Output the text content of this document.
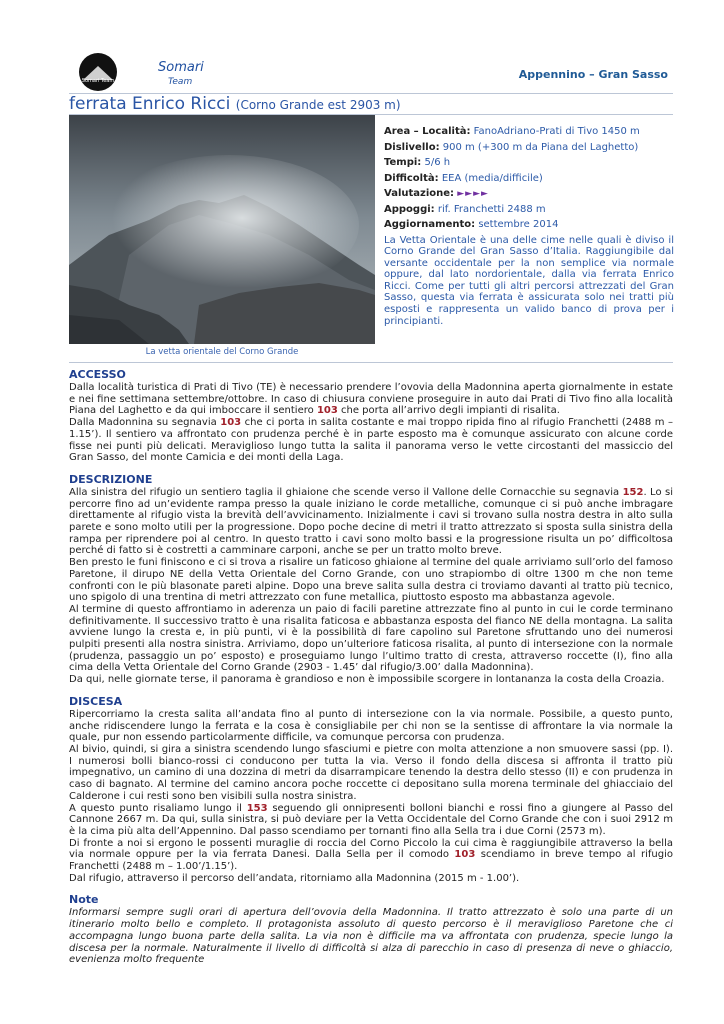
Somari Team
Somari
Team
Appennino – Gran Sasso
ferrata Enrico Ricci (Corno Grande est 2903 m)
La vetta orientale del Corno Grande
Area – Località: FanoAdriano-Prati di Tivo 1450 m
Dislivello: 900 m (+300 m da Piana del Laghetto)
Tempi: 5/6 h
Difficoltà: EEA (media/difficile)
Valutazione: ►►►►
Appoggi: rif. Franchetti 2488 m
Aggiornamento: settembre 2014
La Vetta Orientale è una delle cime nelle quali è diviso il Corno Grande del Gran Sasso d’Italia. Raggiungibile dal versante occidentale per la non semplice via normale oppure, dal lato nordorientale, dalla via ferrata Enrico Ricci. Come per tutti gli altri percorsi attrezzati del Gran Sasso, questa via ferrata è assicurata solo nei tratti più esposti e rappresenta un valido banco di prova per i principianti.
ACCESSO

Dalla località turistica di Prati di Tivo (TE) è necessario prendere l’ovovia della Madonnina aperta giornalmente in estate e nei fine settimana settembre/ottobre. In caso di chiusura conviene proseguire in auto dai Prati di Tivo fino alla località Piana del Laghetto e da qui imboccare il sentiero 103 che porta all’arrivo degli impianti di risalita.

Dalla Madonnina su segnavia 103 che ci porta in salita costante e mai troppo ripida fino al rifugio Franchetti (2488 m – 1.15’). Il sentiero va affrontato con prudenza perché è in parte esposto ma è comunque assicurato con alcune corde fisse nei punti più delicati. Meraviglioso lungo tutta la salita il panorama verso le vette circostanti del massiccio del Gran Sasso, del monte Camicia e dei monti della Laga.

DESCRIZIONE

Alla sinistra del rifugio un sentiero taglia il ghiaione che scende verso il Vallone delle Cornacchie su segnavia 152. Lo si percorre fino ad un’evidente rampa presso la quale iniziano le corde metalliche, comunque ci si può anche imbragare direttamente al rifugio vista la brevità dell’avvicinamento. Inizialmente i cavi si trovano sulla nostra destra in alto sulla parete e sono molto utili per la progressione. Dopo poche decine di metri il tratto attrezzato si sposta sulla sinistra della rampa per riprendere poi al centro. In questo tratto i cavi sono molto bassi e la progressione risulta un po’ difficoltosa perché di fatto si è costretti a camminare carponi, anche se per un tratto molto breve.

Ben presto le funi finiscono e ci si trova a risalire un faticoso ghiaione al termine del quale arriviamo sull’orlo del famoso Paretone, il dirupo NE della Vetta Orientale del Corno Grande, con uno strapiombo di oltre 1300 m che non teme confronti con le più blasonate pareti alpine. Dopo una breve salita sulla destra ci troviamo davanti al tratto più tecnico, uno spigolo di una trentina di metri attrezzato con fune metallica, piuttosto esposto ma abbastanza agevole.

Al termine di questo affrontiamo in aderenza un paio di facili paretine attrezzate fino al punto in cui le corde terminano definitivamente. Il successivo tratto è una risalita faticosa e abbastanza esposta del fianco NE della montagna. La salita avviene lungo la cresta e, in più punti, vi è la possibilità di fare capolino sul Paretone sfruttando uno dei numerosi pulpiti presenti alla nostra sinistra. Arriviamo, dopo un’ulteriore faticosa risalita, al punto di intersezione con la normale (prudenza, passaggio un po’ esposto) e proseguiamo lungo l’ultimo tratto di cresta, attraverso roccette (I), fino alla cima della Vetta Orientale del Corno Grande (2903 - 1.45’ dal rifugio/3.00’ dalla Madonnina).

Da qui, nelle giornate terse, il panorama è grandioso e non è impossibile scorgere in lontananza la costa della Croazia.

DISCESA

Ripercorriamo la cresta salita all’andata fino al punto di intersezione con la via normale. Possibile, a questo punto, anche ridiscendere lungo la ferrata e la cosa è consigliabile per chi non se la sentisse di affrontare la via normale la quale, pur non essendo particolarmente difficile, va comunque percorsa con prudenza.

Al bivio, quindi, si gira a sinistra scendendo lungo sfasciumi e pietre con molta attenzione a non smuovere sassi (pp. I). I numerosi bolli bianco-rossi ci conducono per tutta la via. Verso il fondo della discesa si affronta il tratto più impegnativo, un camino di una dozzina di metri da disarrampicare tenendo la destra dello stesso (II) e con prudenza in caso di bagnato. Al termine del camino ancora poche roccette ci depositano sulla morena terminale del ghiacciaio del Calderone i cui resti sono ben visibili sulla nostra sinistra.

A questo punto risaliamo lungo il 153 seguendo gli onnipresenti bolloni bianchi e rossi fino a giungere al Passo del Cannone 2667 m. Da qui, sulla sinistra, si può deviare per la Vetta Occidentale del Corno Grande che con i suoi 2912 m è la cima più alta dell’Appennino. Dal passo scendiamo per tornanti fino alla Sella tra i due Corni (2573 m).

Di fronte a noi si ergono le possenti muraglie di roccia del Corno Piccolo la cui cima è raggiungibile attraverso la bella via normale oppure per la via ferrata Danesi. Dalla Sella per il comodo 103 scendiamo in breve tempo al rifugio Franchetti (2488 m – 1.00’/1.15’).

Dal rifugio, attraverso il percorso dell’andata, ritorniamo alla Madonnina (2015 m - 1.00’).

Note

Informarsi sempre sugli orari di apertura dell’ovovia della Madonnina. Il tratto attrezzato è solo una parte di un itinerario molto bello e completo. Il protagonista assoluto di questo percorso è il meraviglioso Paretone che ci accompagna lungo buona parte della salita. La via non è difficile ma va affrontata con prudenza, specie lungo la discesa per la normale. Naturalmente il livello di difficoltà si alza di parecchio in caso di presenza di neve o ghiaccio, evenienza molto frequente
